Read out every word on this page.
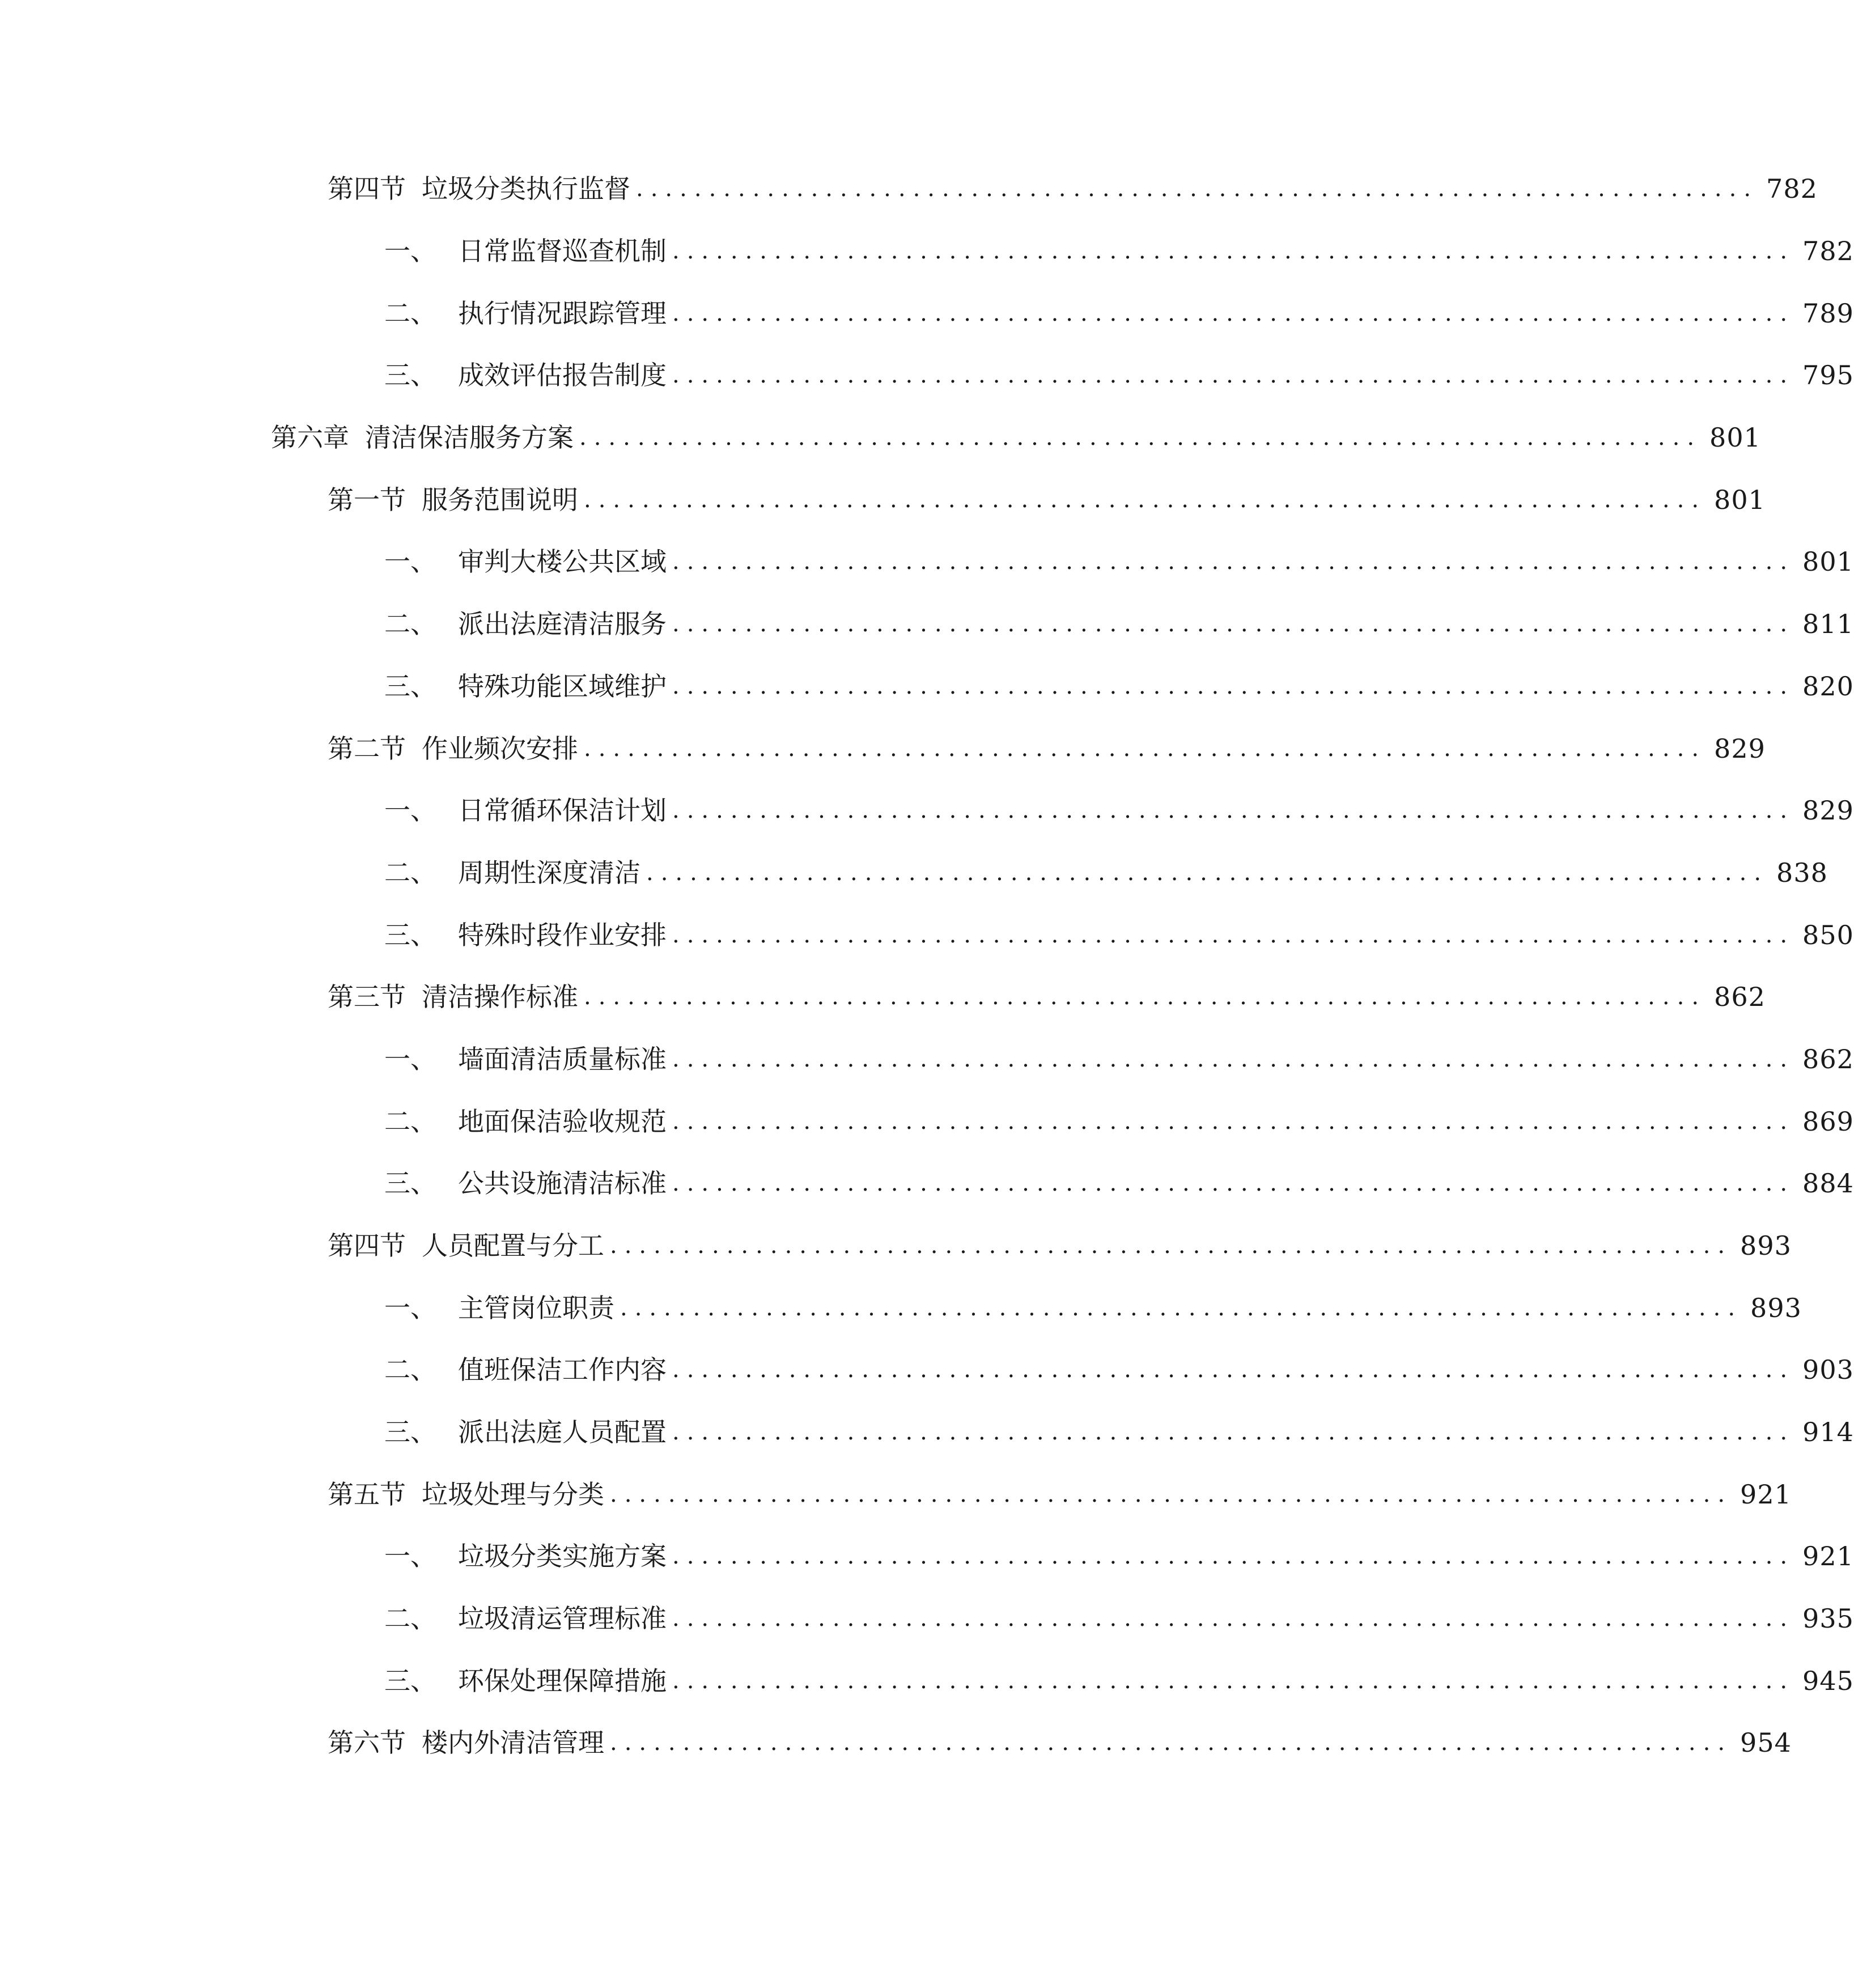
第四节 垃圾分类执行监督 ............................................................................. 782
一、 日常监督巡查机制 ............................................................................. 782
二、 执行情况跟踪管理 ............................................................................. 789
三、 成效评估报告制度 ............................................................................. 795
第六章 清洁保洁服务方案 ............................................................................. 801
第一节 服务范围说明 ............................................................................. 801
一、 审判大楼公共区域 ............................................................................. 801
二、 派出法庭清洁服务 ............................................................................. 811
三、 特殊功能区域维护 ............................................................................. 820
第二节 作业频次安排 ............................................................................. 829
一、 日常循环保洁计划 ............................................................................. 829
二、 周期性深度清洁 ............................................................................. 838
三、 特殊时段作业安排 ............................................................................. 850
第三节 清洁操作标准 ............................................................................. 862
一、 墙面清洁质量标准 ............................................................................. 862
二、 地面保洁验收规范 ............................................................................. 869
三、 公共设施清洁标准 ............................................................................. 884
第四节 人员配置与分工 ............................................................................. 893
一、 主管岗位职责 ............................................................................. 893
二、 值班保洁工作内容 ............................................................................. 903
三、 派出法庭人员配置 ............................................................................. 914
第五节 垃圾处理与分类 ............................................................................. 921
一、 垃圾分类实施方案 ............................................................................. 921
二、 垃圾清运管理标准 ............................................................................. 935
三、 环保处理保障措施 ............................................................................. 945
第六节 楼内外清洁管理 ............................................................................. 954
